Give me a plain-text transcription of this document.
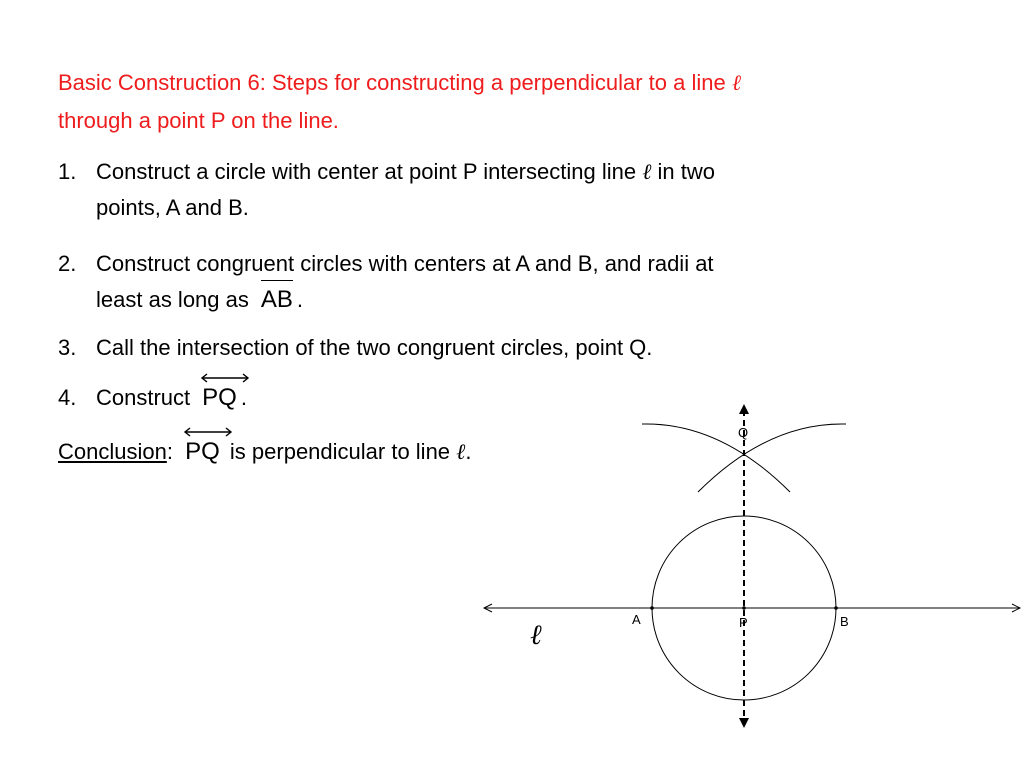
Basic Construction 6: Steps for constructing a perpendicular to a line ℓ
through a point P on the line.
1. Construct a circle with center at point P intersecting line ℓ in two
points, A and B.
2. Construct congruent circles with centers at A and B, and radii at
least as long as AB .
3. Call the intersection of the two congruent circles, point Q.
4. Construct PQ .
Conclusion: PQ is perpendicular to line ℓ.
Q
A	P	B
ℓ
